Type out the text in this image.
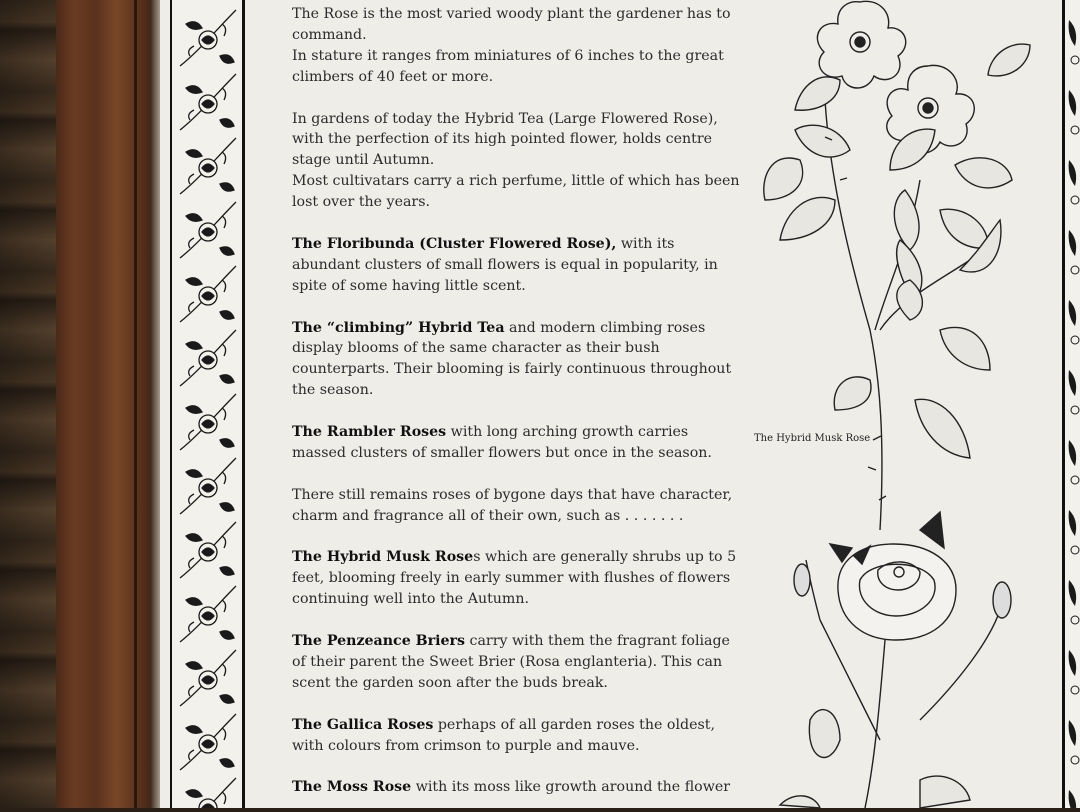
The Rose is the most varied woody plant the gardener has to
command.
In stature it ranges from miniatures of 6 inches to the great
climbers of 40 feet or more.

In gardens of today the Hybrid Tea (Large Flowered Rose),
with the perfection of its high pointed flower, holds centre
stage until Autumn.
Most cultivatars carry a rich perfume, little of which has been
lost over the years.

The Floribunda (Cluster Flowered Rose), with its
abundant clusters of small flowers is equal in popularity, in
spite of some having little scent.

The “climbing” Hybrid Tea and modern climbing roses
display blooms of the same character as their bush
counterparts. Their blooming is fairly continuous throughout
the season.

The Rambler Roses with long arching growth carries
massed clusters of smaller flowers but once in the season.

There still remains roses of bygone days that have character,
charm and fragrance all of their own, such as . . . . . . .

The Hybrid Musk Roses which are generally shrubs up to 5
feet, blooming freely in early summer with flushes of flowers
continuing well into the Autumn.

The Penzeance Briers carry with them the fragrant foliage
of their parent the Sweet Brier (Rosa englanteria). This can
scent the garden soon after the buds break.

The Gallica Roses perhaps of all garden roses the oldest,
with colours from crimson to purple and mauve.

The Moss Rose with its moss like growth around the flower

The Hybrid Musk Rose
